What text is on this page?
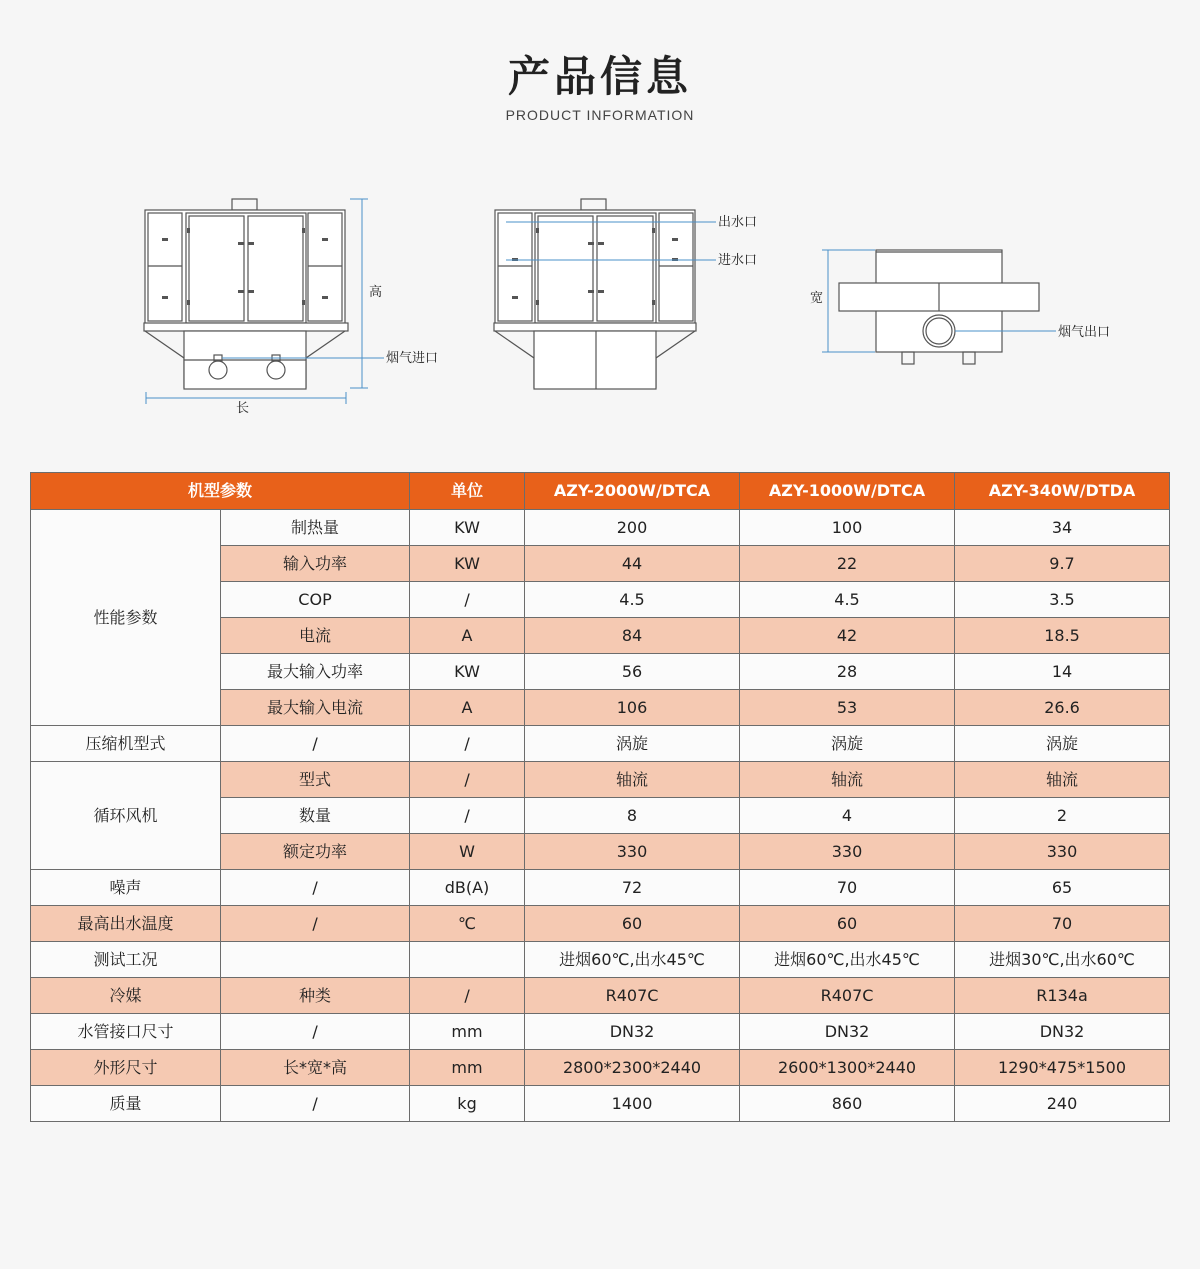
产品信息
PRODUCT INFORMATION
长
高
烟气进口
出水口
进水口
宽
烟气出口
机型参数		单位	AZY-2000W/DTCA	AZY-1000W/DTCA	AZY-340W/DTDA
性能参数	制热量	KW	200	100	34
	输入功率	KW	44	22	9.7
	COP	/	4.5	4.5	3.5
	电流	A	84	42	18.5
	最大输入功率	KW	56	28	14
	最大输入电流	A	106	53	26.6
压缩机型式	/	/	涡旋	涡旋	涡旋
循环风机	型式	/	轴流	轴流	轴流
	数量	/	8	4	2
	额定功率	W	330	330	330
噪声	/	dB(A)	72	70	65
最高出水温度	/	℃	60	60	70
测试工况			进烟60℃,出水45℃	进烟60℃,出水45℃	进烟30℃,出水60℃
冷媒	种类	/	R407C	R407C	R134a
水管接口尺寸	/	mm	DN32	DN32	DN32
外形尺寸	长*宽*高	mm	2800*2300*2440	2600*1300*2440	1290*475*1500
质量	/	kg	1400	860	240
